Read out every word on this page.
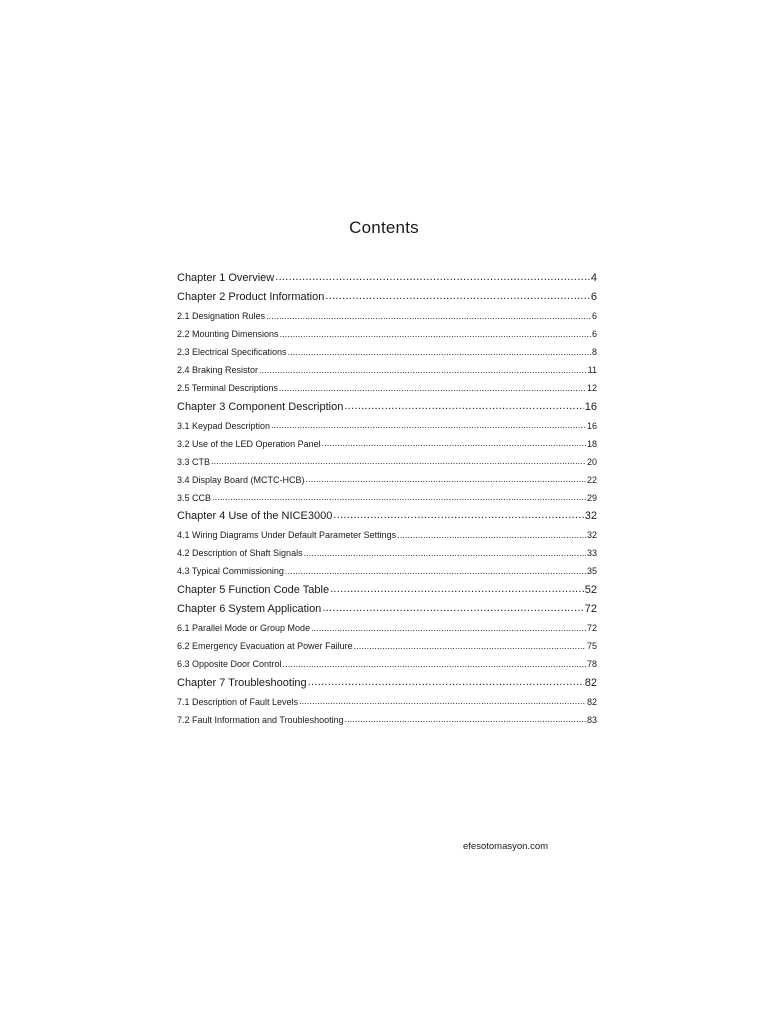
Contents
Chapter 1 Overview .....	4
Chapter 2 Product Information .....	6
2.1 Designation Rules .....	6
2.2 Mounting Dimensions .....	6
2.3 Electrical Specifications .....	8
2.4 Braking Resistor .....	11
2.5 Terminal Descriptions .....	12
Chapter 3 Component Description .....	16
3.1 Keypad Description .....	16
3.2 Use of the LED Operation Panel .....	18
3.3 CTB .....	20
3.4 Display Board (MCTC-HCB) .....	22
3.5 CCB .....	29
Chapter 4 Use of the NICE3000 .....	32
4.1 Wiring Diagrams Under Default Parameter Settings .....	32
4.2 Description of Shaft Signals .....	33
4.3 Typical Commissioning .....	35
Chapter 5 Function Code Table .....	52
Chapter 6 System Application .....	72
6.1 Parallel Mode or Group Mode .....	72
6.2 Emergency Evacuation at Power Failure .....	75
6.3 Opposite Door Control .....	78
Chapter 7 Troubleshooting .....	82
7.1 Description of Fault Levels .....	82
7.2 Fault Information and Troubleshooting .....	83
efesotomasyon.com
